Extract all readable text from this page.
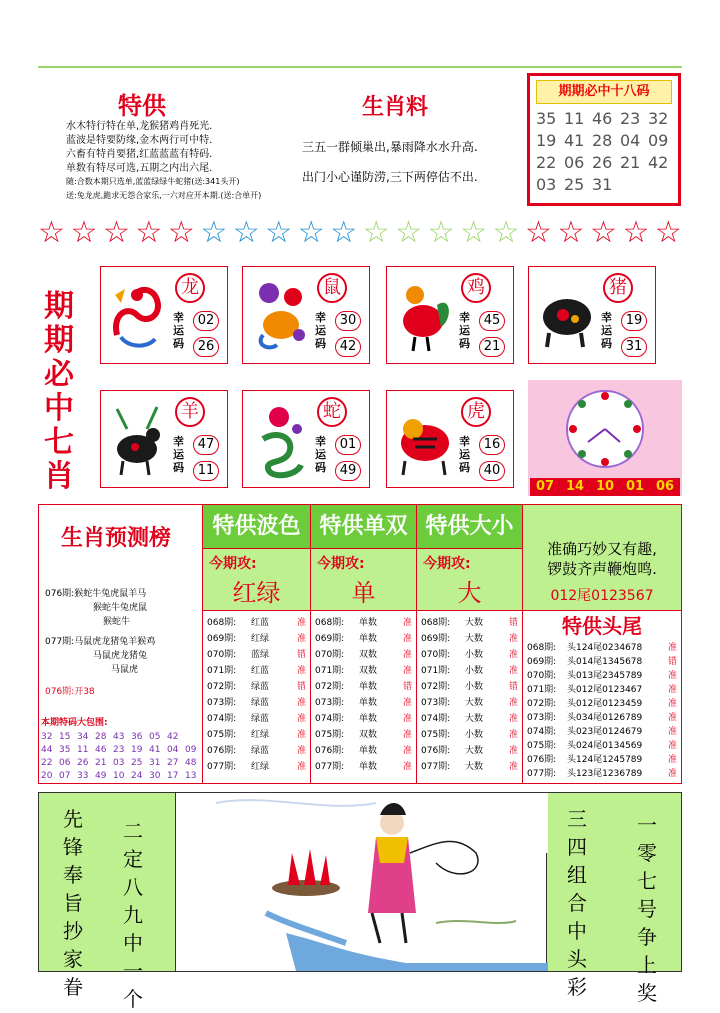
特供
水木特行特在单,龙猴猪鸡肖死光.
蓝波是特要防缘,金木两行可中特.
六畜有特肖要猪,红蓝蓝蓝有特码.
单数有特尽可选,五期之内出六尾.
随:合数本期只选单,蓝蓝绿绿牛蛇猪(送:341头开)
送:兔龙虎,跪求无怨合家乐,一六对应开本期.(送:合单开)
生肖料
三五一群倾巢出,暴雨降水水升高.
出门小心谨防涝,三下两停估不出.
期期必中十八码
35 11 46 23 32
19 41 28 04 09
22 06 26 21 42
03 25 31
☆ ☆ ☆ ☆ ☆ ☆ ☆ ☆ ☆ ☆ ☆ ☆ ☆ ☆ ☆ ☆ ☆ ☆ ☆ ☆
期
期
必
中
七
肖
龙
幸运码
02
26
鼠
幸运码
30
42
鸡
幸运码
45
21
猪
幸运码
19
31
羊
幸运码
47
11
蛇
幸运码
01
49
虎
幸运码
16
40
07 14 10 01 06
生肖预测榜
076期:猴蛇牛兔虎鼠羊马
猴蛇牛兔虎鼠
猴蛇牛
077期:马鼠虎龙猪兔羊猴鸡
马鼠虎龙猪兔
马鼠虎
076期:开38
本期特码大包围:
32 15 34 28 43 36 05 42
44 35 11 46 23 19 41 04 09
22 06 26 21 03 25 31 27 48
20 07 33 49 10 24 30 17 13
特供波色
今期攻:
红绿
068期:	红蓝	准
069期:	红绿	准
070期:	蓝绿	错
071期:	红蓝	准
072期:	绿蓝	错
073期:	绿蓝	准
074期:	绿蓝	准
075期:	红绿	准
076期:	绿蓝	准
077期:	红绿	准
特供单双
今期攻:
单
068期:	单数	准
069期:	单数	准
070期:	双数	准
071期:	双数	准
072期:	单数	错
073期:	单数	准
074期:	单数	准
075期:	双数	准
076期:	单数	准
077期:	单数	准
特供大小
今期攻:
大
068期:	大数	错
069期:	大数	准
070期:	小数	准
071期:	小数	准
072期:	小数	错
073期:	大数	准
074期:	大数	准
075期:	小数	准
076期:	大数	准
077期:	大数	准
准确巧妙又有趣,
锣鼓齐声鞭炮鸣.
012尾0123567
特供头尾
068期:	头124尾0234678	准
069期:	头014尾1345678	错
070期:	头013尾2345789	准
071期:	头012尾0123467	准
072期:	头012尾0123459	准
073期:	头034尾0126789	准
074期:	头023尾0124679	准
075期:	头024尾0134569	准
076期:	头124尾1245789	准
077期:	头123尾1236789	准
先
锋
奉
旨
抄
家
眷
二
定
八
九
中
一
个
三
四
组
合
中
头
彩
一
零
七
号
争
上
奖
